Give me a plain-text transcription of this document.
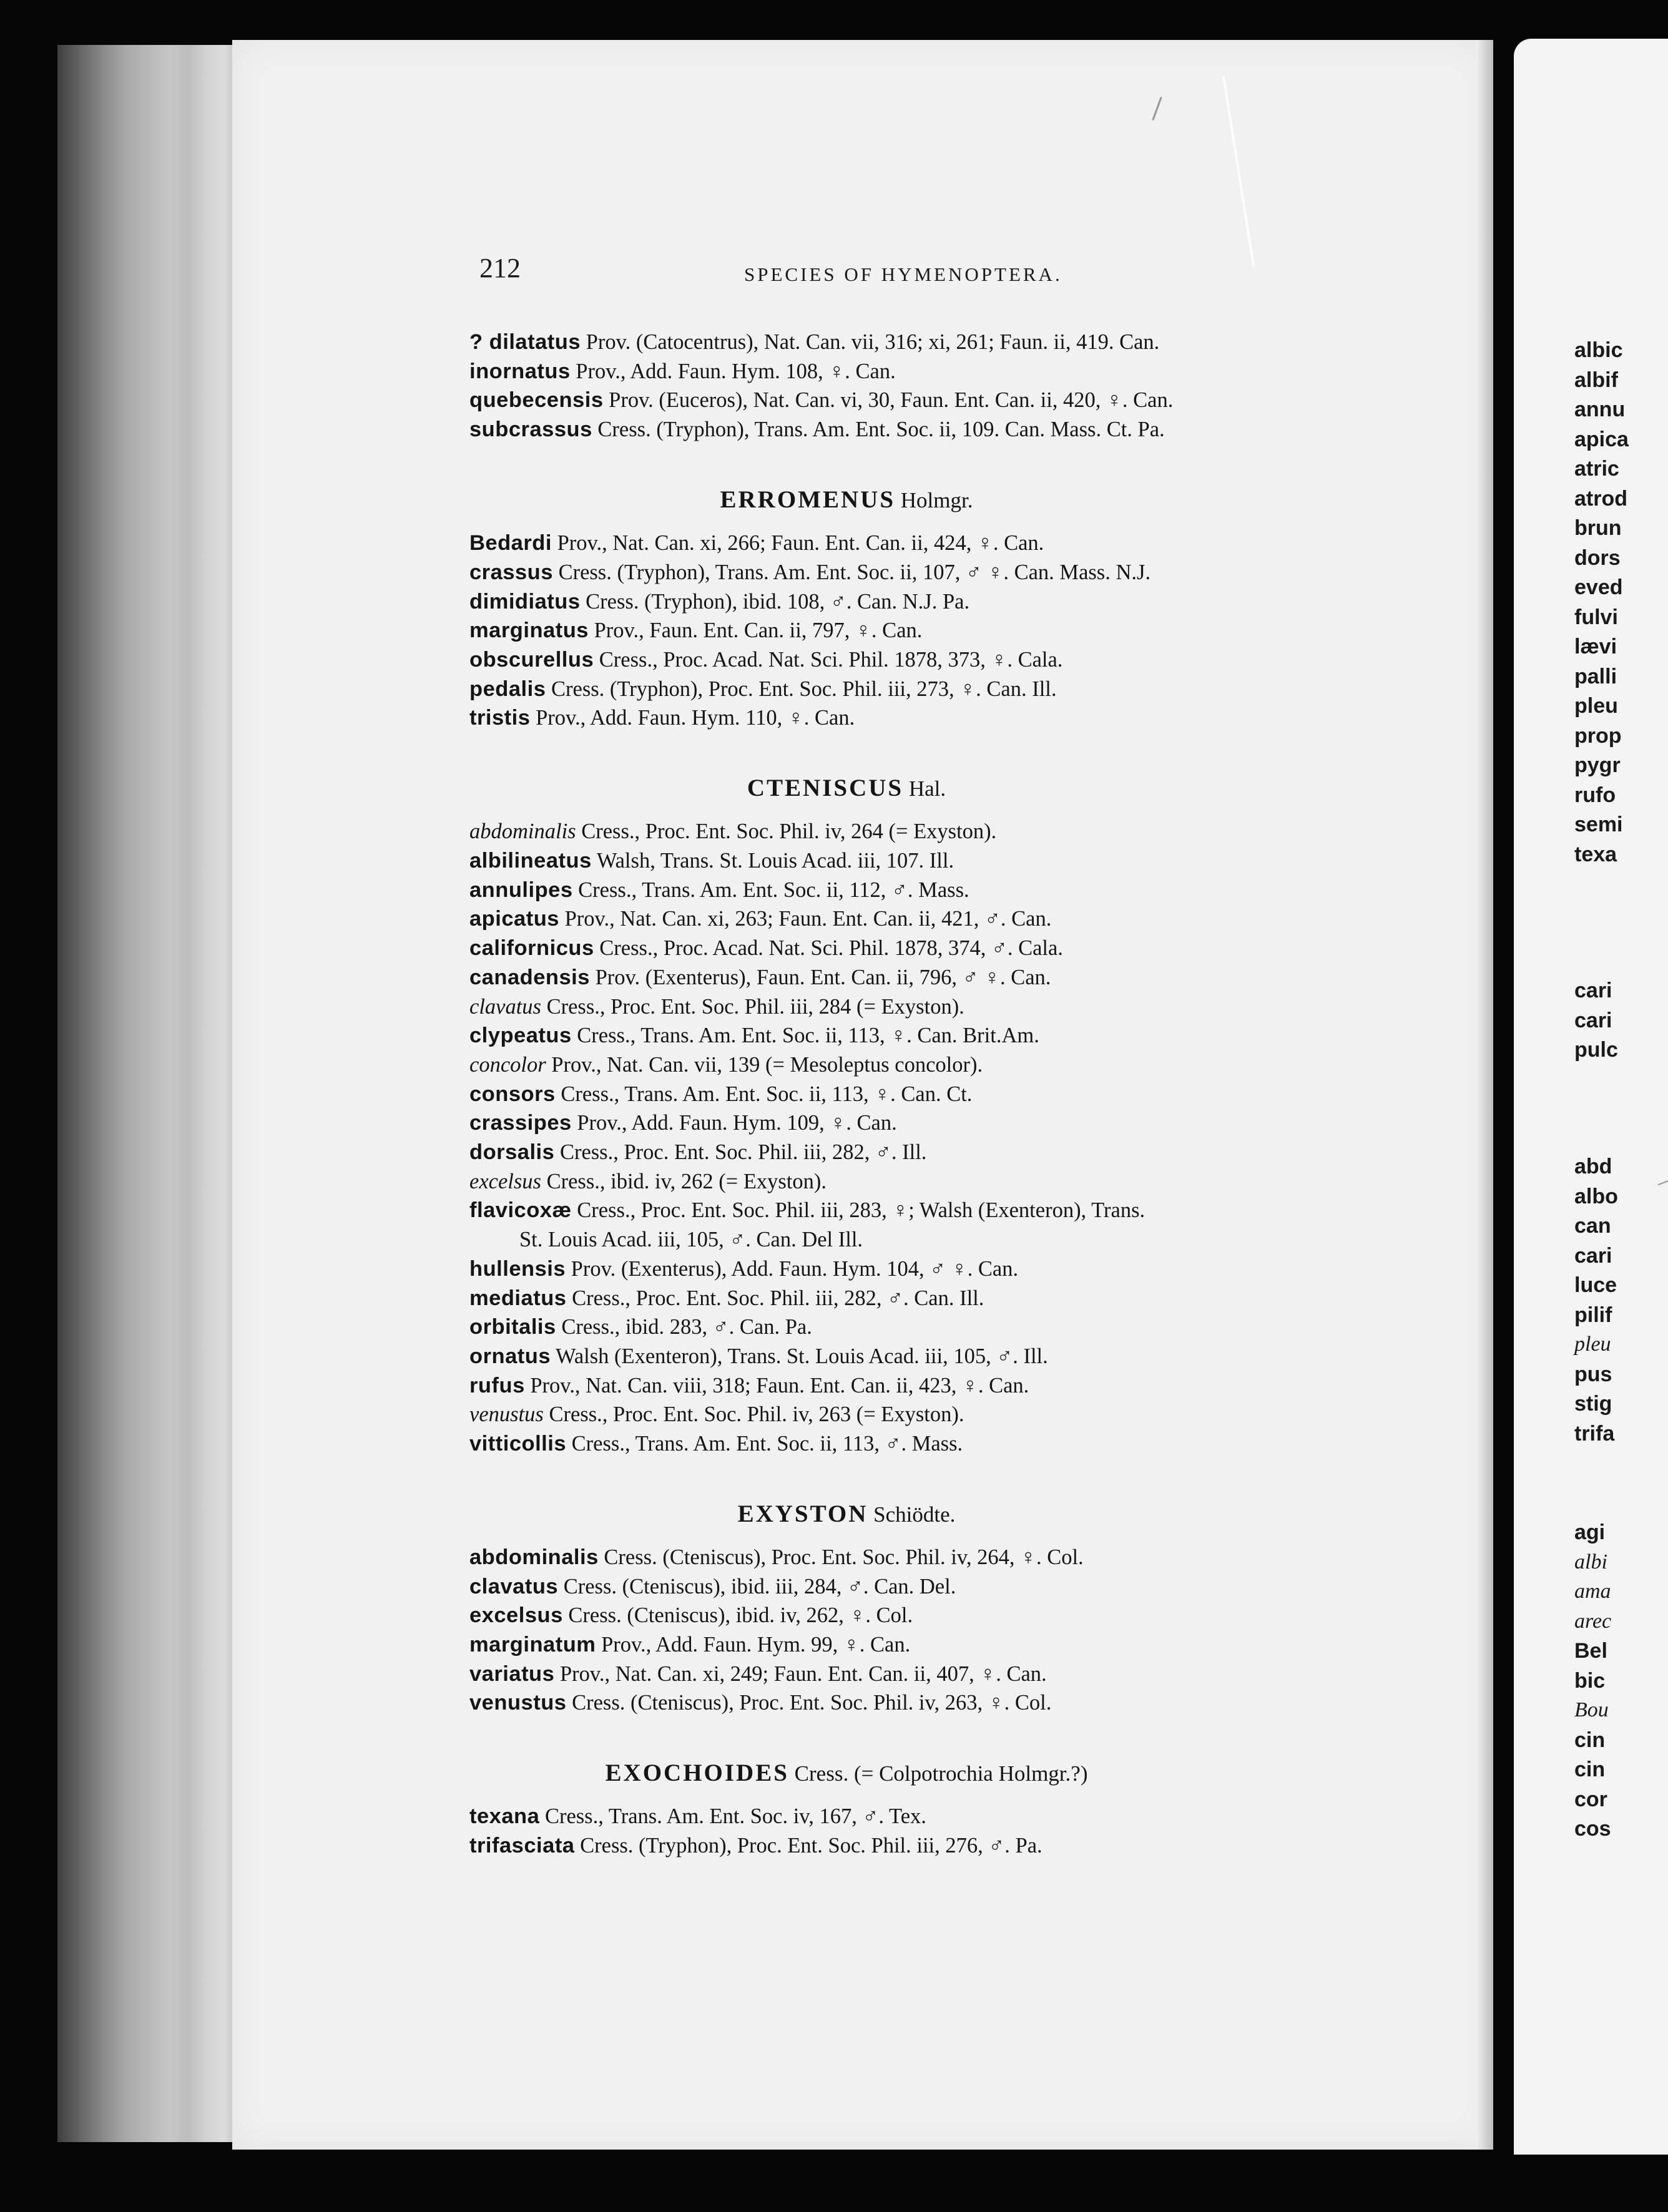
albic
albif
annu
apica
atric
atrod
brun
dors
eved
fulvi
lævi
palli
pleu
prop
pygr
rufo
semi
texa
cari
cari
pulc
abd
albo
can
cari
luce
pilif
pleu
pus
stig
trifa
agi
albi
ama
arec
Bel
bic
Bou
cin
cin
cor
cos
212	SPECIES OF HYMENOPTERA.
? dilatatus Prov. (Catocentrus), Nat. Can. vii, 316; xi, 261; Faun. ii, 419. Can.
inornatus Prov., Add. Faun. Hym. 108, ♀. Can.
quebecensis Prov. (Euceros), Nat. Can. vi, 30, Faun. Ent. Can. ii, 420, ♀. Can.
subcrassus Cress. (Tryphon), Trans. Am. Ent. Soc. ii, 109. Can. Mass. Ct. Pa.
ERROMENUS Holmgr.
Bedardi Prov., Nat. Can. xi, 266; Faun. Ent. Can. ii, 424, ♀. Can.
crassus Cress. (Tryphon), Trans. Am. Ent. Soc. ii, 107, ♂ ♀. Can. Mass. N.J.
dimidiatus Cress. (Tryphon), ibid. 108, ♂. Can. N.J. Pa.
marginatus Prov., Faun. Ent. Can. ii, 797, ♀. Can.
obscurellus Cress., Proc. Acad. Nat. Sci. Phil. 1878, 373, ♀. Cala.
pedalis Cress. (Tryphon), Proc. Ent. Soc. Phil. iii, 273, ♀. Can. Ill.
tristis Prov., Add. Faun. Hym. 110, ♀. Can.
CTENISCUS Hal.
abdominalis Cress., Proc. Ent. Soc. Phil. iv, 264 (= Exyston).
albilineatus Walsh, Trans. St. Louis Acad. iii, 107. Ill.
annulipes Cress., Trans. Am. Ent. Soc. ii, 112, ♂. Mass.
apicatus Prov., Nat. Can. xi, 263; Faun. Ent. Can. ii, 421, ♂. Can.
californicus Cress., Proc. Acad. Nat. Sci. Phil. 1878, 374, ♂. Cala.
canadensis Prov. (Exenterus), Faun. Ent. Can. ii, 796, ♂ ♀. Can.
clavatus Cress., Proc. Ent. Soc. Phil. iii, 284 (= Exyston).
clypeatus Cress., Trans. Am. Ent. Soc. ii, 113, ♀. Can. Brit.Am.
concolor Prov., Nat. Can. vii, 139 (= Mesoleptus concolor).
consors Cress., Trans. Am. Ent. Soc. ii, 113, ♀. Can. Ct.
crassipes Prov., Add. Faun. Hym. 109, ♀. Can.
dorsalis Cress., Proc. Ent. Soc. Phil. iii, 282, ♂. Ill.
excelsus Cress., ibid. iv, 262 (= Exyston).
flavicoxæ Cress., Proc. Ent. Soc. Phil. iii, 283, ♀; Walsh (Exenteron), Trans.
St. Louis Acad. iii, 105, ♂. Can. Del Ill.
hullensis Prov. (Exenterus), Add. Faun. Hym. 104, ♂ ♀. Can.
mediatus Cress., Proc. Ent. Soc. Phil. iii, 282, ♂. Can. Ill.
orbitalis Cress., ibid. 283, ♂. Can. Pa.
ornatus Walsh (Exenteron), Trans. St. Louis Acad. iii, 105, ♂. Ill.
rufus Prov., Nat. Can. viii, 318; Faun. Ent. Can. ii, 423, ♀. Can.
venustus Cress., Proc. Ent. Soc. Phil. iv, 263 (= Exyston).
vitticollis Cress., Trans. Am. Ent. Soc. ii, 113, ♂. Mass.
EXYSTON Schiödte.
abdominalis Cress. (Cteniscus), Proc. Ent. Soc. Phil. iv, 264, ♀. Col.
clavatus Cress. (Cteniscus), ibid. iii, 284, ♂. Can. Del.
excelsus Cress. (Cteniscus), ibid. iv, 262, ♀. Col.
marginatum Prov., Add. Faun. Hym. 99, ♀. Can.
variatus Prov., Nat. Can. xi, 249; Faun. Ent. Can. ii, 407, ♀. Can.
venustus Cress. (Cteniscus), Proc. Ent. Soc. Phil. iv, 263, ♀. Col.
EXOCHOIDES Cress. (= Colpotrochia Holmgr.?)
texana Cress., Trans. Am. Ent. Soc. iv, 167, ♂. Tex.
trifasciata Cress. (Tryphon), Proc. Ent. Soc. Phil. iii, 276, ♂. Pa.
